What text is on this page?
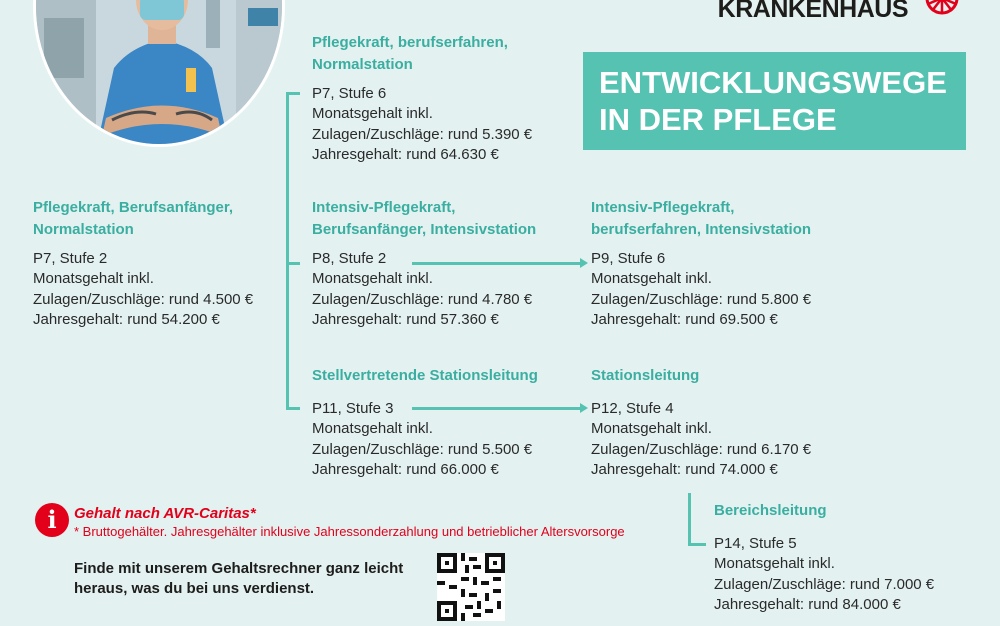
KRANKENHAUS
ENTWICKLUNGSWEGE
IN DER PFLEGE
Pflegekraft, Berufsanfänger,
Normalstation
P7, Stufe 2
Monatsgehalt inkl.
Zulagen/Zuschläge: rund 4.500 €
Jahresgehalt: rund 54.200 €
Pflegekraft, berufserfahren,
Normalstation
P7, Stufe 6
Monatsgehalt inkl.
Zulagen/Zuschläge: rund 5.390 €
Jahresgehalt: rund 64.630 €
Intensiv-Pflegekraft,
Berufsanfänger, Intensivstation
P8, Stufe 2
Monatsgehalt inkl.
Zulagen/Zuschläge: rund 4.780 €
Jahresgehalt: rund 57.360 €
Intensiv-Pflegekraft,
berufserfahren, Intensivstation
P9, Stufe 6
Monatsgehalt inkl.
Zulagen/Zuschläge: rund 5.800 €
Jahresgehalt: rund 69.500 €
Stellvertretende Stationsleitung
P11, Stufe 3
Monatsgehalt inkl.
Zulagen/Zuschläge: rund 5.500 €
Jahresgehalt: rund 66.000 €
Stationsleitung
P12, Stufe 4
Monatsgehalt inkl.
Zulagen/Zuschläge: rund 6.170 €
Jahresgehalt: rund 74.000 €
Bereichsleitung
P14, Stufe 5
Monatsgehalt inkl.
Zulagen/Zuschläge: rund 7.000 €
Jahresgehalt: rund 84.000 €
i	Gehalt nach AVR-Caritas*
* Bruttogehälter. Jahresgehälter inklusive Jahressonderzahlung und betrieblicher Altersvorsorge
Finde mit unserem Gehaltsrechner ganz leicht
heraus, was du bei uns verdienst.
